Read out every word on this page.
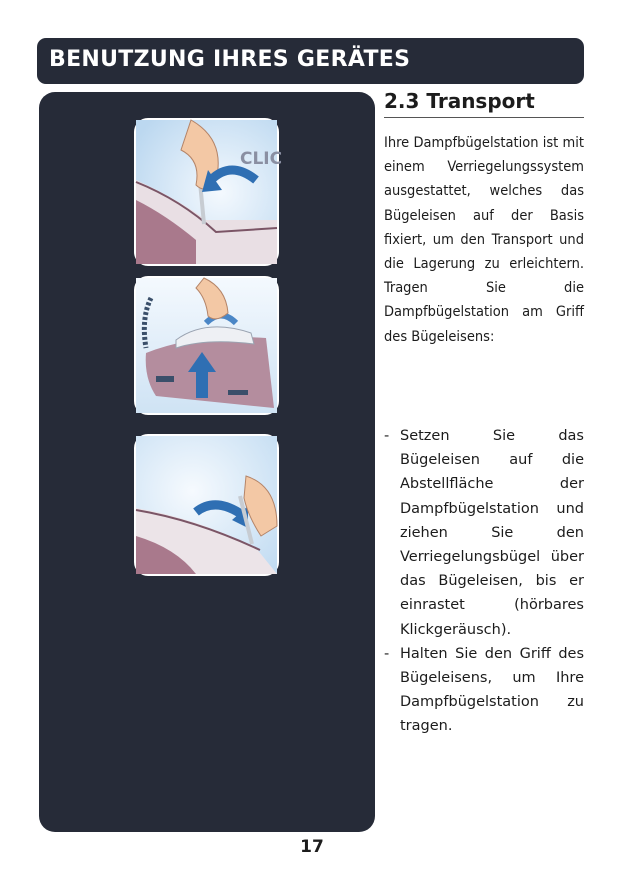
BENUTZUNG IHRES GERÄTES
CLIC
2.3 Transport

Ihre Dampfbügelstation ist mit einem Verriegelungssystem ausgestattet, welches das Bügeleisen auf der Basis fixiert, um den Transport und die Lagerung zu erleichtern. Tragen Sie die Dampfbügelstation am Griff des Bügeleisens:

- Setzen Sie das Bügeleisen auf die Abstellfläche der Dampfbügelstation und ziehen Sie den Verriegelungsbügel über das Bügeleisen, bis er einrastet (hörbares Klickgeräusch).
- Halten Sie den Griff des Bügeleisens, um Ihre Dampfbügelstation zu tragen.

17
